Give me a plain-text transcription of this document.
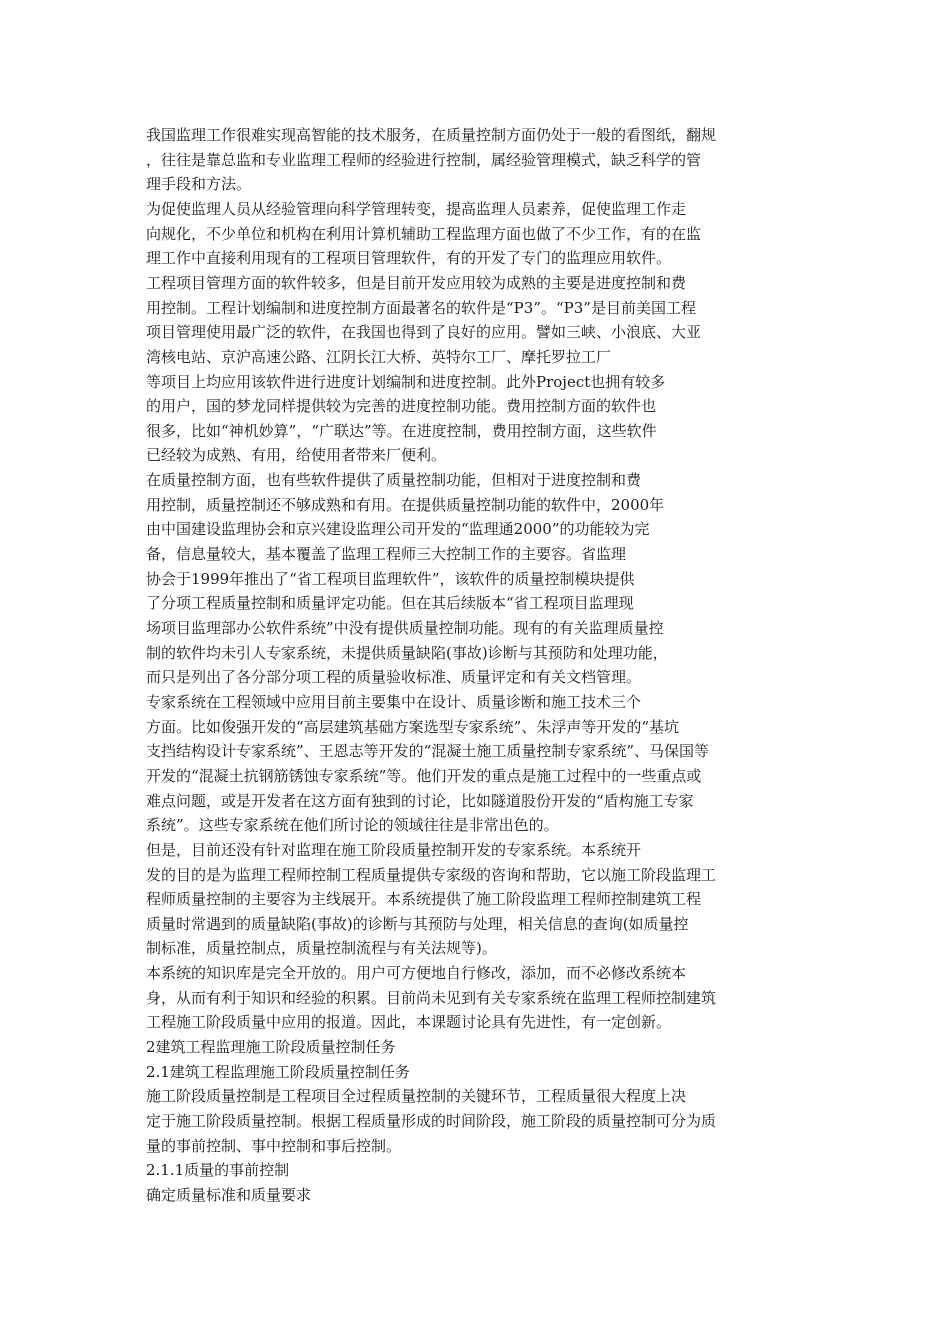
我国监理工作很难实现高智能的技术服务，在质量控制方面仍处于一般的看图纸，翻规

，往往是靠总监和专业监理工程师的经验进行控制，属经验管理模式，缺乏科学的管

理手段和方法。

为促使监理人员从经验管理向科学管理转变，提高监理人员素养，促使监理工作走

向规化，不少单位和机构在利用计算机辅助工程监理方面也做了不少工作，有的在监

理工作中直接利用现有的工程项目管理软件，有的开发了专门的监理应用软件。

工程项目管理方面的软件较多，但是目前开发应用较为成熟的主要是进度控制和费

用控制。工程计划编制和进度控制方面最著名的软件是“P3”。“P3”是目前美国工程

项目管理使用最广泛的软件，在我国也得到了良好的应用。譬如三峡、小浪底、大亚

湾核电站、京沪高速公路、江阴长江大桥、英特尔工厂、摩托罗拉工厂

等项目上均应用该软件进行进度计划编制和进度控制。此外Project也拥有较多

的用户，国的梦龙同样提供较为完善的进度控制功能。费用控制方面的软件也

很多，比如“神机妙算”，“广联达”等。在进度控制，费用控制方面，这些软件

已经较为成熟、有用，给使用者带来厂便利。

在质量控制方面，也有些软件提供了质量控制功能，但相对于进度控制和费

用控制，质量控制还不够成熟和有用。在提供质量控制功能的软件中，2000年

由中国建设监理协会和京兴建设监理公司开发的“监理通2000”的功能较为完

备，信息量较大，基本覆盖了监理工程师三大控制工作的主要容。省监理

协会于1999年推出了“省工程项目监理软件”，该软件的质量控制模块提供

了分项工程质量控制和质量评定功能。但在其后续版本“省工程项目监理现

场项目监理部办公软件系统”中没有提供质量控制功能。现有的有关监理质量控

制的软件均未引人专家系统，未提供质量缺陷(事故)诊断与其预防和处理功能，

而只是列出了各分部分项工程的质量验收标准、质量评定和有关文档管理。

专家系统在工程领域中应用目前主要集中在设计、质量诊断和施工技术三个

方面。比如俊强开发的“高层建筑基础方案选型专家系统”、朱浮声等开发的“基坑

支挡结构设计专家系统”、王恩志等开发的“混凝土施工质量控制专家系统”、马保国等

开发的“混凝土抗钢筋锈蚀专家系统”等。他们开发的重点是施工过程中的一些重点或

难点问题，或是开发者在这方面有独到的讨论，比如隧道股份开发的“盾构施工专家

系统”。这些专家系统在他们所讨论的领域往往是非常出色的。

但是，目前还没有针对监理在施工阶段质量控制开发的专家系统。本系统开

发的目的是为监理工程师控制工程质量提供专家级的咨询和帮助，它以施工阶段监理工

程师质量控制的主要容为主线展开。本系统提供了施工阶段监理工程师控制建筑工程

质量时常遇到的质量缺陷(事故)的诊断与其预防与处理，相关信息的查询(如质量控

制标准，质量控制点，质量控制流程与有关法规等)。

本系统的知识库是完全开放的。用户可方便地自行修改，添加，而不必修改系统本

身，从而有利于知识和经验的积累。目前尚未见到有关专家系统在监理工程师控制建筑

工程施工阶段质量中应用的报道。因此，本课题讨论具有先进性，有一定创新。

2建筑工程监理施工阶段质量控制任务

2.1建筑工程监理施工阶段质量控制任务

施工阶段质量控制是工程项目全过程质量控制的关键环节，工程质量很大程度上决

定于施工阶段质量控制。根据工程质量形成的时间阶段，施工阶段的质量控制可分为质

量的事前控制、事中控制和事后控制。

2.1.1质量的事前控制

确定质量标准和质量要求
